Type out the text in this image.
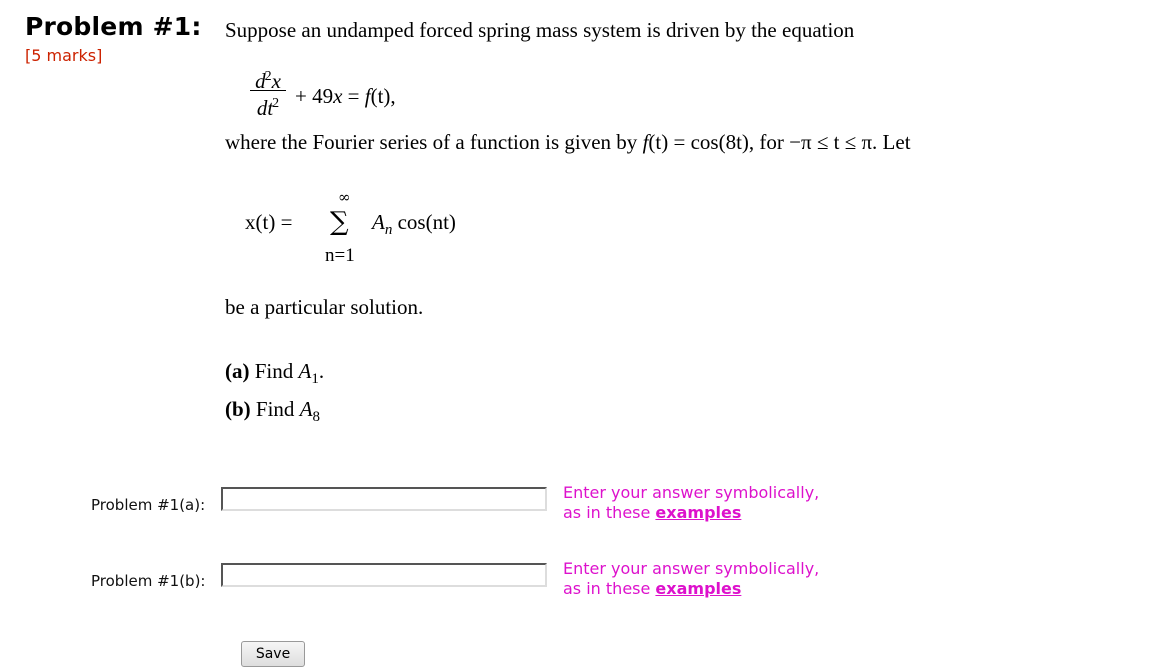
Problem #1:
[5 marks]
Suppose an undamped forced spring mass system is driven by the equation
$d^2x$
$dt^2 + 49x = f(t)$,
where the Fourier series of a function is given by f(t) = cos(8t), for −π ≤ t ≤ π. Let
x(t) =
∞
∑
n=1
$A_n$ cos(nt)
be a particular solution.
(a) Find $A_1$.
(b) Find $A_8$
Problem #1(a):
Enter your answer symbolically,
as in these examples
Problem #1(b):
Enter your answer symbolically,
as in these examples
Save
